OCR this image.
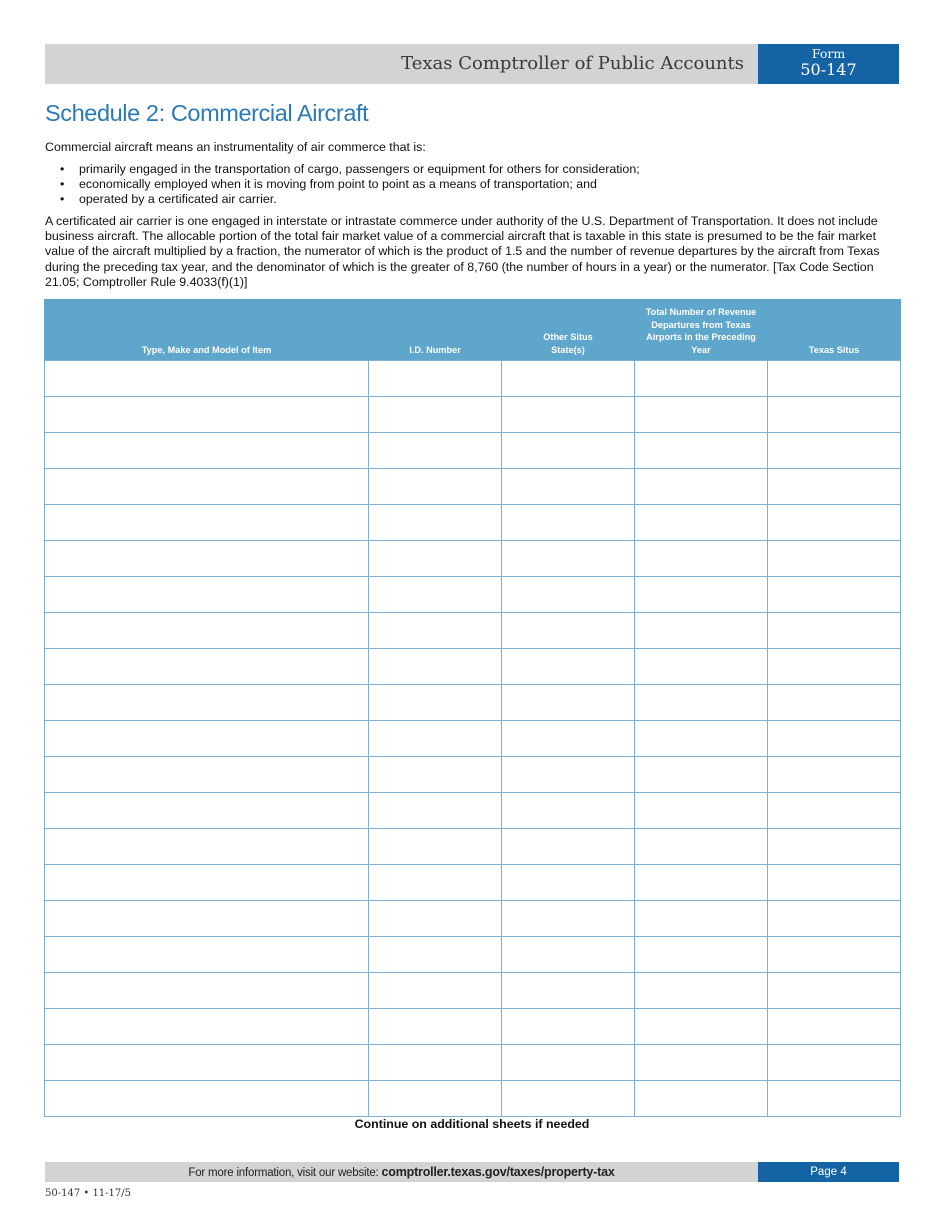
Texas Comptroller of Public Accounts	Form
50-147
Schedule 2: Commercial Aircraft

Commercial aircraft means an instrumentality of air commerce that is:

• primarily engaged in the transportation of cargo, passengers or equipment for others for consideration;
• economically employed when it is moving from point to point as a means of transportation; and
• operated by a certificated air carrier.

A certificated air carrier is one engaged in interstate or intrastate commerce under authority of the U.S. Department of Transportation. It does not include business aircraft. The allocable portion of the total fair market value of a commercial aircraft that is taxable in this state is presumed to be the fair market value of the aircraft multiplied by a fraction, the numerator of which is the product of 1.5 and the number of revenue departures by the aircraft from Texas during the preceding tax year, and the denominator of which is the greater of 8,760 (the number of hours in a year) or the numerator. [Tax Code Section 21.05; Comptroller Rule 9.4033(f)(1)]

Type, Make and Model of Item	I.D. Number	Other Situs State(s)	Total Number of Revenue Departures from Texas Airports in the Preceding Year	Texas Situs

Continue on additional sheets if needed

For more information, visit our website: comptroller.texas.gov/taxes/property-tax	Page 4
50-147 • 11-17/5
